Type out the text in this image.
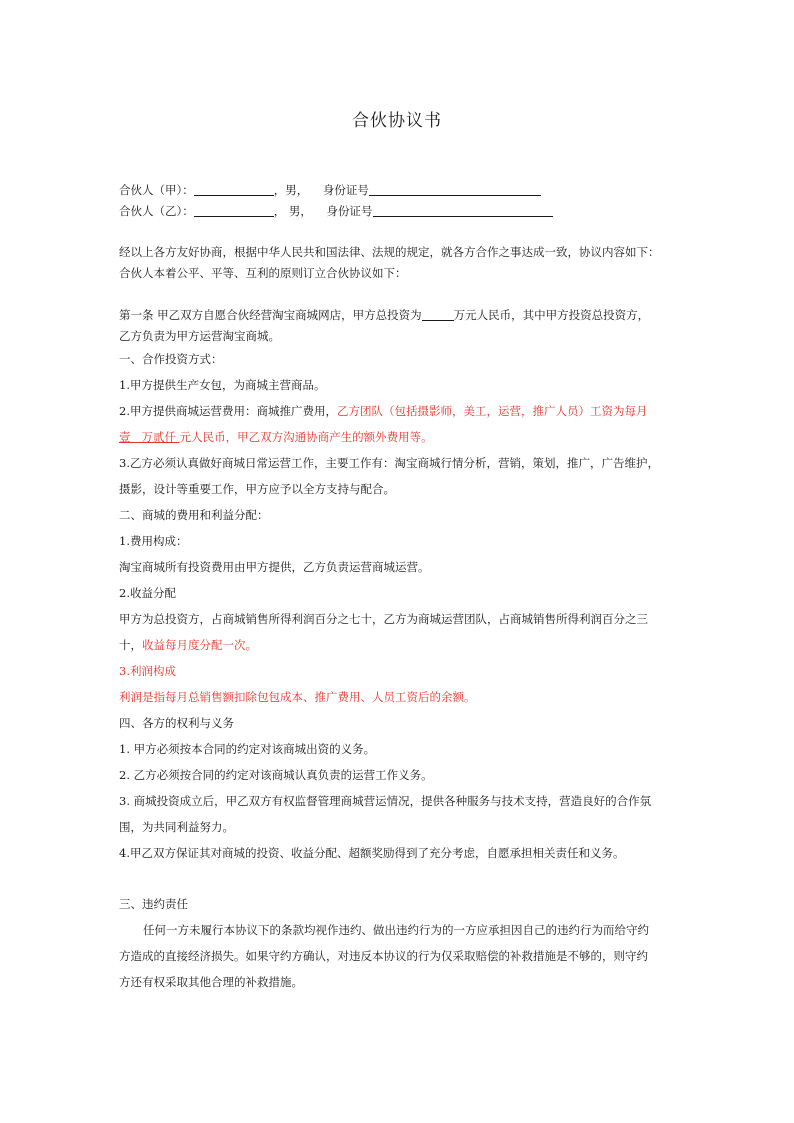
合伙协议书
合伙人（甲）：	，男， 身份证号
合伙人（乙）：	， 男， 身份证号
经以上各方友好协商，根据中华人民共和国法律、法规的规定，就各方合作之事达成一致，协议内容如下：
合伙人本着公平、平等、互利的原则订立合伙协议如下：
第一条 甲乙双方自愿合伙经营淘宝商城网店，甲方总投资为	万元人民币，其中甲方投资总投资方，
乙方负责为甲方运营淘宝商城。
一、合作投资方式：
1.甲方提供生产女包，为商城主营商品。
2.甲方提供商城运营费用：商城推广费用，乙方团队（包括摄影师，美工，运营，推广人员）工资为每月
壹 万贰仟 元人民币，甲乙双方沟通协商产生的额外费用等。
3.乙方必须认真做好商城日常运营工作，主要工作有：淘宝商城行情分析，营销，策划，推广，广告维护，
摄影，设计等重要工作，甲方应予以全方支持与配合。
二、商城的费用和利益分配：
1.费用构成：
淘宝商城所有投资费用由甲方提供，乙方负责运营商城运营。
2.收益分配
甲方为总投资方，占商城销售所得利润百分之七十，乙方为商城运营团队，占商城销售所得利润百分之三
十，收益每月度分配一次。
3.利润构成
利润是指每月总销售额扣除包包成本、推广费用、人员工资后的余额。
四、各方的权利与义务
1. 甲方必须按本合同的约定对该商城出资的义务。
2. 乙方必须按合同的约定对该商城认真负责的运营工作义务。
3. 商城投资成立后，甲乙双方有权监督管理商城营运情况，提供各种服务与技术支持，营造良好的合作氛
围，为共同利益努力。
4.甲乙双方保证其对商城的投资、收益分配、超额奖励得到了充分考虑，自愿承担相关责任和义务。
三、违约责任
任何一方未履行本协议下的条款均视作违约、做出违约行为的一方应承担因自己的违约行为而给守约
方造成的直接经济损失。如果守约方确认，对违反本协议的行为仅采取赔偿的补救措施是不够的，则守约
方还有权采取其他合理的补救措施。
